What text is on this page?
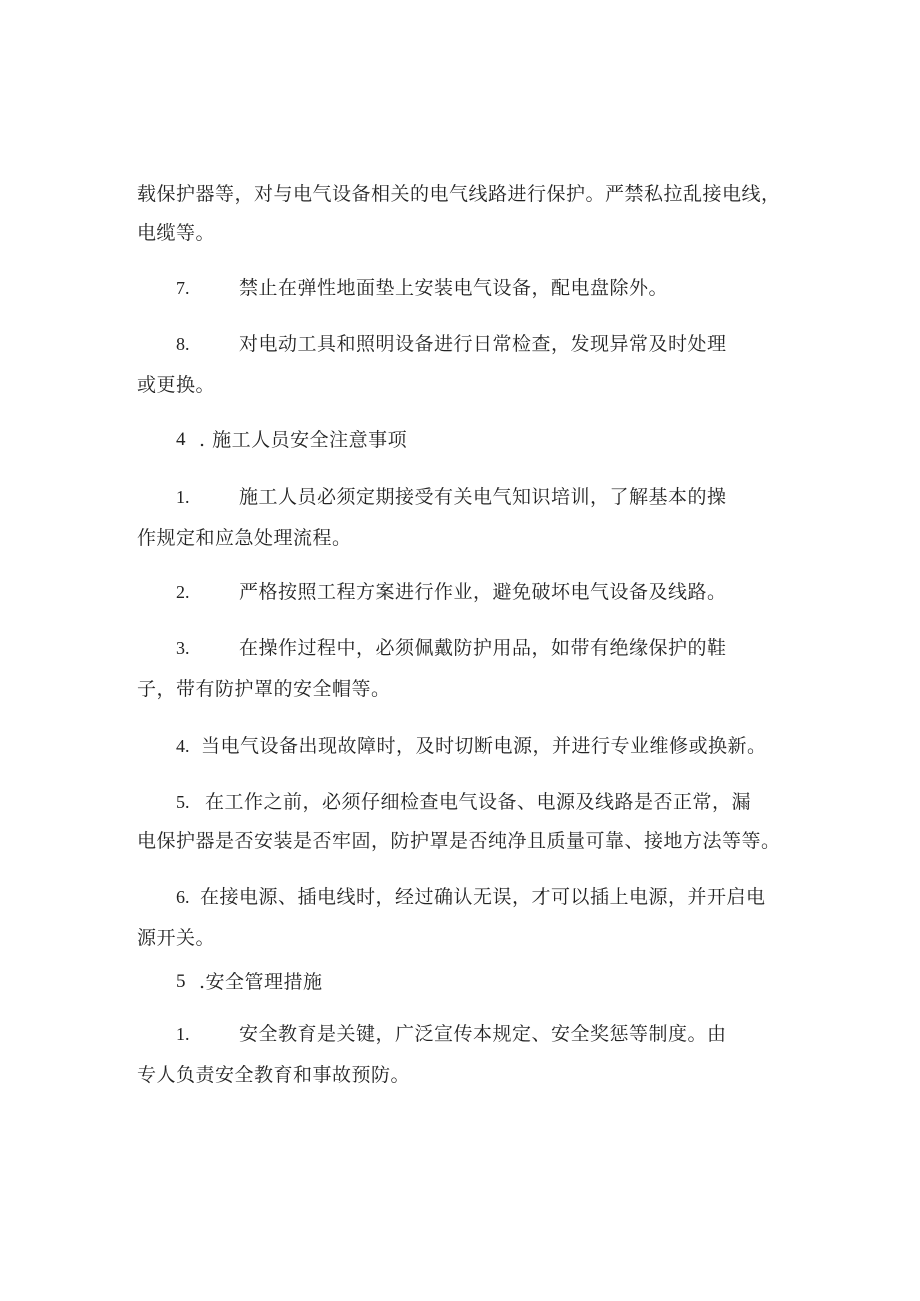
载保护器等，对与电气设备相关的电气线路进行保护。严禁私拉乱接电线，
电缆等。
7.	禁止在弹性地面垫上安装电气设备，配电盘除外。
8.	对电动工具和照明设备进行日常检查，发现异常及时处理
或更换。
4 . 施工人员安全注意事项
1.	施工人员必须定期接受有关电气知识培训，了解基本的操
作规定和应急处理流程。
2.	严格按照工程方案进行作业，避免破坏电气设备及线路。
3.	在操作过程中，必须佩戴防护用品，如带有绝缘保护的鞋
子，带有防护罩的安全帽等。
4. 当电气设备出现故障时，及时切断电源，并进行专业维修或换新。
5. 在工作之前，必须仔细检查电气设备、电源及线路是否正常，漏
电保护器是否安装是否牢固，防护罩是否纯净且质量可靠、接地方法等等。
6. 在接电源、插电线时，经过确认无误，才可以插上电源，并开启电
源开关。
5 .安全管理措施
1.	安全教育是关键，广泛宣传本规定、安全奖惩等制度。由
专人负责安全教育和事故预防。
